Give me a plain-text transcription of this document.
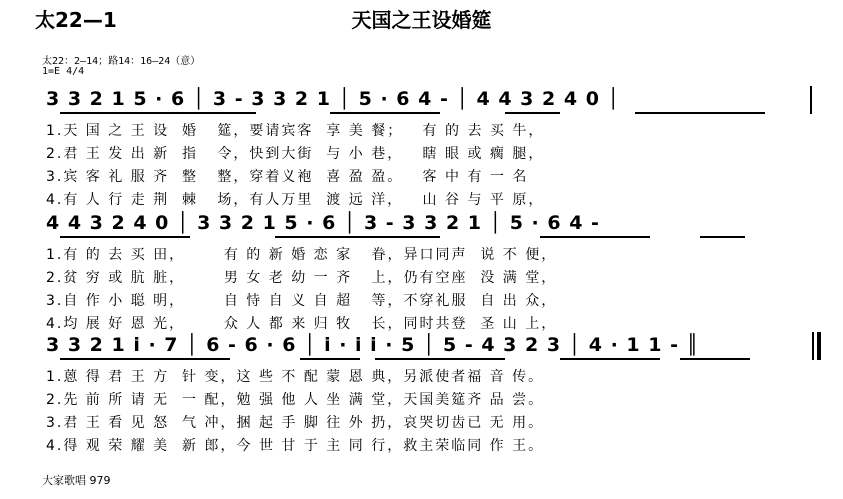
太22—1	天国之王设婚筵
太22：2—14；路14：16—24（意）
1=E 4/4
3 3 2 1 5 · 6 │ 3 - 3 3 2 1 │ 5 · 6 4 - │ 4 4 3 2 4 0 │
1.天 国 之 王 设  婚   筵，要请宾客  享 美 餐；   有 的 去 买 牛，
2.君 王 发 出 新  指   令，快到大街  与 小 巷，   瞎 眼 或 瘸 腿，
3.宾 客 礼 服 齐  整   整，穿着义袍  喜 盈 盈。   客 中 有 一 名
4.有 人 行 走 荆  棘   场，有人万里  渡 远 洋，   山 谷 与 平 原，
4 4 3 2 4 0 │ 3 3 2 1 5 · 6 │ 3 - 3 3 2 1 │ 5 · 6 4 -
1.有 的 去 买 田，      有 的 新 婚 恋 家   眷，异口同声  说 不 便，
2.贫 穷 或 肮 脏，      男 女 老 幼 一 齐   上，仍有空座  没 满 堂，
3.自 作 小 聪 明，      自 恃 自 义 自 超   等，不穿礼服  自 出 众，
4.均 展 好 恩 光，      众 人 都 来 归 牧   长，同时共登  圣 山 上，
3 3 2 1 i · 7 │ 6 - 6 · 6 │ i · i i · 5 │ 5 - 4 3 2 3 │ 4 · 1 1 - ║
1.蒽 得 君 王 方  针 变，这 些 不 配 蒙 恩 典，另派使者福 音 传。
2.先 前 所 请 无  一 配，勉 强 他 人 坐 满 堂，天国美筵齐 品 尝。
3.君 王 看 见 怒  气 冲，捆 起 手 脚 往 外 扔，哀哭切齿已 无 用。
4.得 观 荣 耀 美  新 郎，今 世 甘 于 主 同 行，救主荣临同 作 王。
大家歌唱 979
